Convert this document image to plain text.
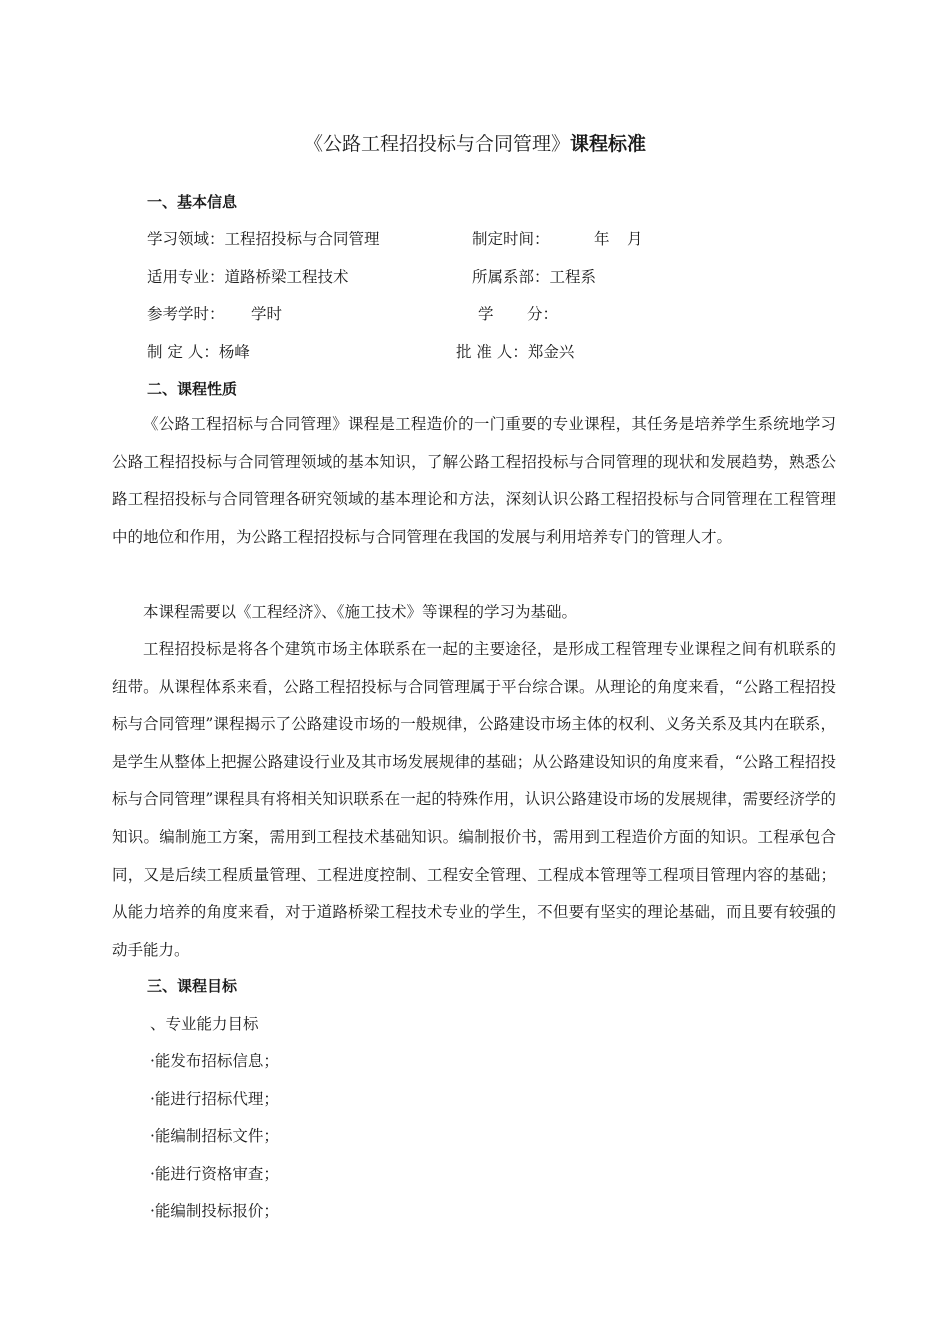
《公路工程招投标与合同管理》课程标准
一、基本信息
学习领域：工程招投标与合同管理	制定时间：	年 月
适用专业：道路桥梁工程技术	所属系部：工程系
参考学时： 学时	学 分：
制 定 人：杨峰	批 准 人：郑金兴
二、课程性质

《公路工程招标与合同管理》课程是工程造价的一门重要的专业课程，其任务是培养学生系统地学习公路工程招投标与合同管理领域的基本知识，了解公路工程招投标与合同管理的现状和发展趋势，熟悉公路工程招投标与合同管理各研究领域的基本理论和方法，深刻认识公路工程招投标与合同管理在工程管理中的地位和作用，为公路工程招投标与合同管理在我国的发展与利用培养专门的管理人才。

本课程需要以《工程经济》、《施工技术》等课程的学习为基础。

工程招投标是将各个建筑市场主体联系在一起的主要途径，是形成工程管理专业课程之间有机联系的纽带。从课程体系来看，公路工程招投标与合同管理属于平台综合课。从理论的角度来看，“公路工程招投标与合同管理”课程揭示了公路建设市场的一般规律，公路建设市场主体的权利、义务关系及其内在联系，是学生从整体上把握公路建设行业及其市场发展规律的基础；从公路建设知识的角度来看，“公路工程招投标与合同管理”课程具有将相关知识联系在一起的特殊作用，认识公路建设市场的发展规律，需要经济学的知识。编制施工方案，需用到工程技术基础知识。编制报价书，需用到工程造价方面的知识。工程承包合同，又是后续工程质量管理、工程进度控制、工程安全管理、工程成本管理等工程项目管理内容的基础；从能力培养的角度来看，对于道路桥梁工程技术专业的学生，不但要有坚实的理论基础，而且要有较强的动手能力。

三、课程目标
、专业能力目标
·能发布招标信息；
·能进行招标代理；
·能编制招标文件；
·能进行资格审查；
·能编制投标报价；
